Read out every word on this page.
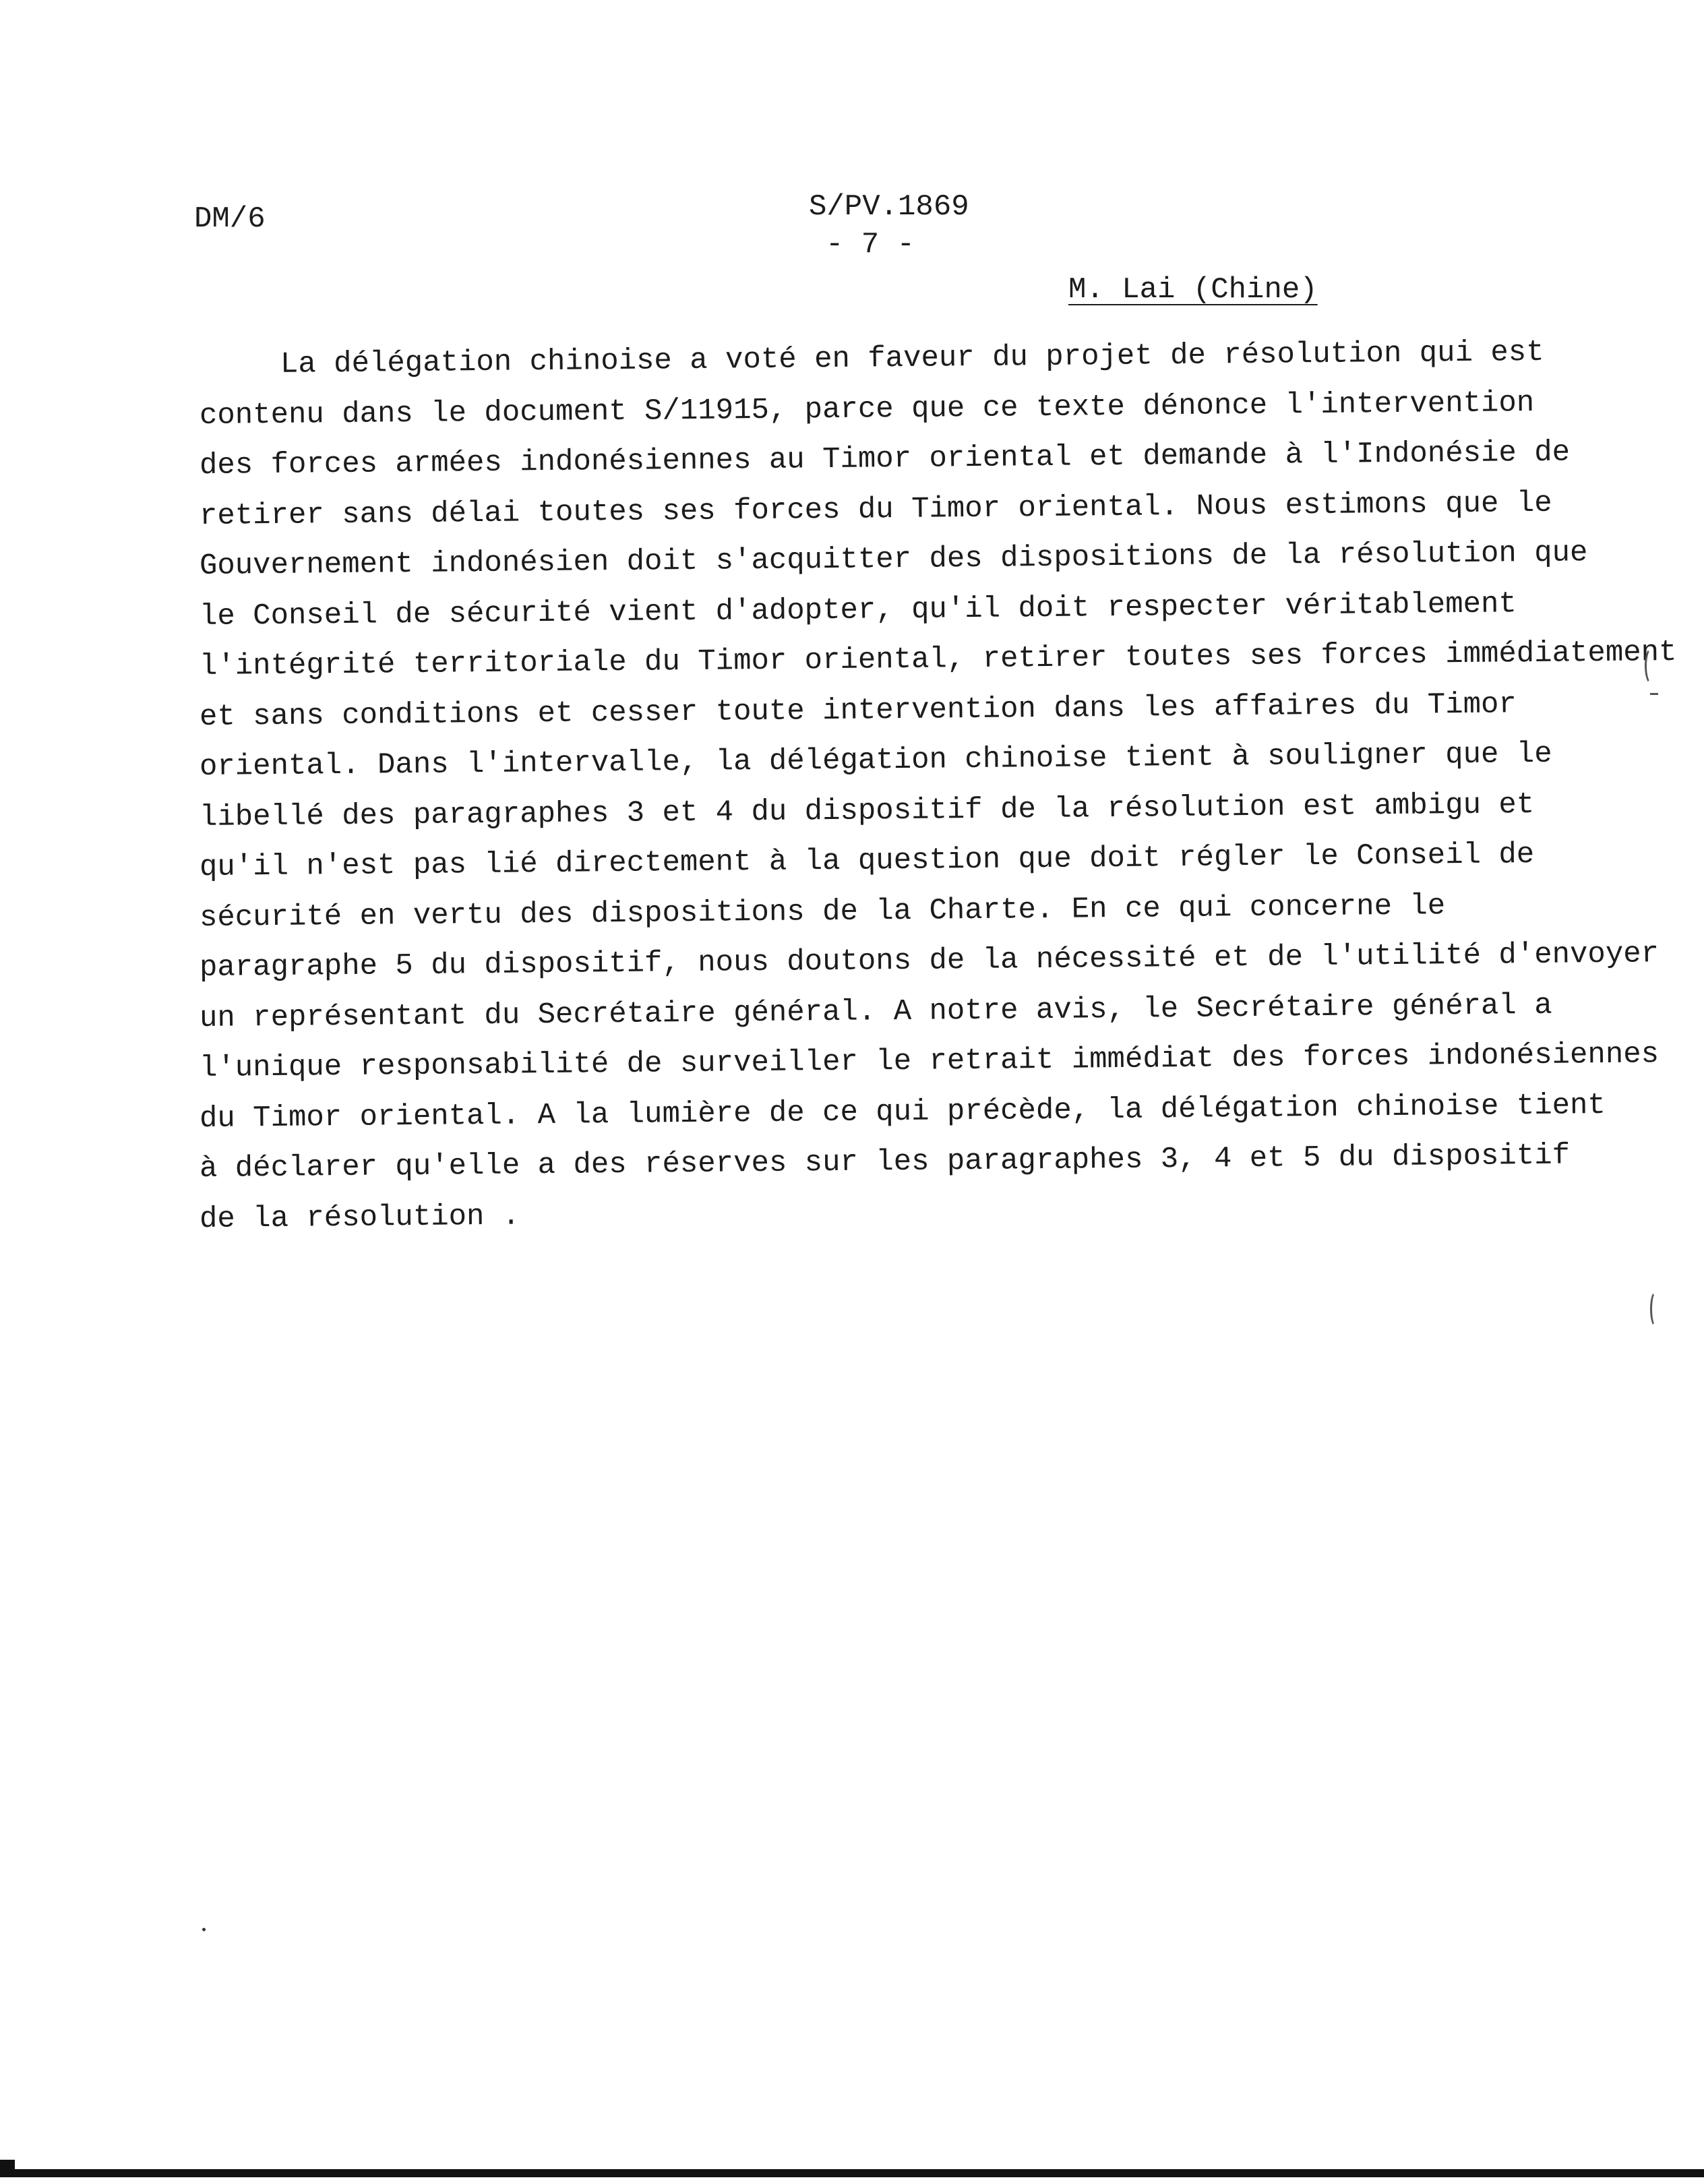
DM/6	S/PV.1869
- 7 -
M. Lai (Chine)
La délégation chinoise a voté en faveur du projet de résolution qui est
contenu dans le document S/11915, parce que ce texte dénonce l'intervention
des forces armées indonésiennes au Timor oriental et demande à l'Indonésie de
retirer sans délai toutes ses forces du Timor oriental. Nous estimons que le
Gouvernement indonésien doit s'acquitter des dispositions de la résolution que
le Conseil de sécurité vient d'adopter, qu'il doit respecter véritablement
l'intégrité territoriale du Timor oriental, retirer toutes ses forces immédiatement
et sans conditions et cesser toute intervention dans les affaires du Timor
oriental. Dans l'intervalle, la délégation chinoise tient à souligner que le
libellé des paragraphes 3 et 4 du dispositif de la résolution est ambigu et
qu'il n'est pas lié directement à la question que doit régler le Conseil de
sécurité en vertu des dispositions de la Charte. En ce qui concerne le
paragraphe 5 du dispositif, nous doutons de la nécessité et de l'utilité d'envoyer
un représentant du Secrétaire général. A notre avis, le Secrétaire général a
l'unique responsabilité de surveiller le retrait immédiat des forces indonésiennes
du Timor oriental. A la lumière de ce qui précède, la délégation chinoise tient
à déclarer qu'elle a des réserves sur les paragraphes 3, 4 et 5 du dispositif
de la résolution .
